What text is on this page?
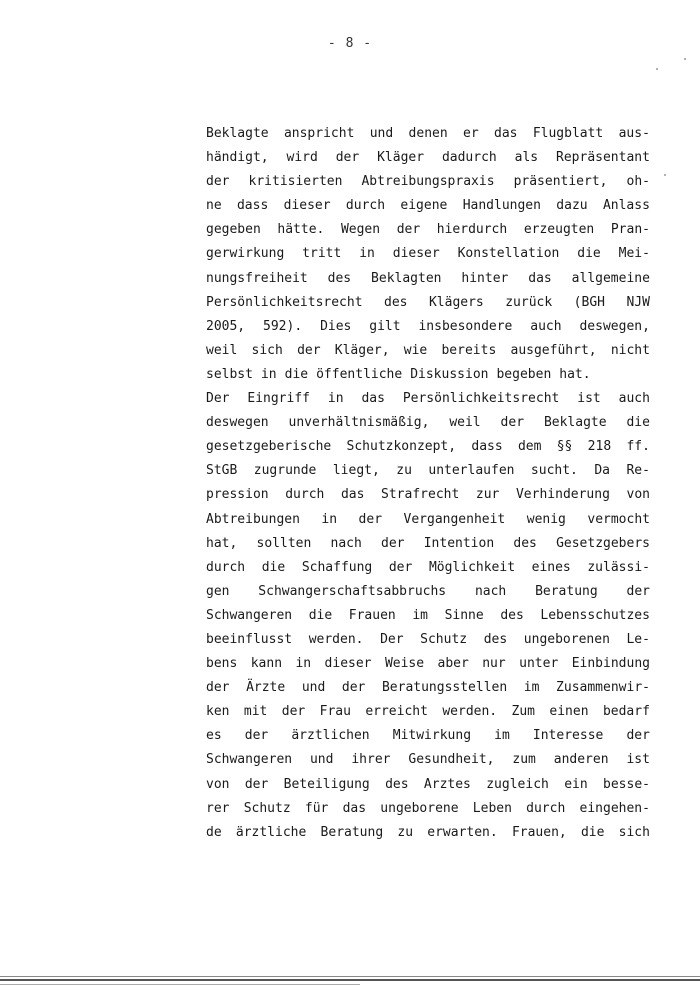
- 8 -
Beklagte anspricht und denen er das Flugblatt aus-
händigt, wird der Kläger dadurch als Repräsentant
der kritisierten Abtreibungspraxis präsentiert, oh-
ne dass dieser durch eigene Handlungen dazu Anlass
gegeben hätte. Wegen der hierdurch erzeugten Pran-
gerwirkung tritt in dieser Konstellation die Mei-
nungsfreiheit des Beklagten hinter das allgemeine
Persönlichkeitsrecht des Klägers zurück (BGH NJW
2005, 592). Dies gilt insbesondere auch deswegen,
weil sich der Kläger, wie bereits ausgeführt, nicht
selbst in die öffentliche Diskussion begeben hat.
Der Eingriff in das Persönlichkeitsrecht ist auch
deswegen unverhältnismäßig, weil der Beklagte die
gesetzgeberische Schutzkonzept, dass dem §§ 218 ff.
StGB zugrunde liegt, zu unterlaufen sucht. Da Re-
pression durch das Strafrecht zur Verhinderung von
Abtreibungen in der Vergangenheit wenig vermocht
hat, sollten nach der Intention des Gesetzgebers
durch die Schaffung der Möglichkeit eines zulässi-
gen Schwangerschaftsabbruchs nach Beratung der
Schwangeren die Frauen im Sinne des Lebensschutzes
beeinflusst werden. Der Schutz des ungeborenen Le-
bens kann in dieser Weise aber nur unter Einbindung
der Ärzte und der Beratungsstellen im Zusammenwir-
ken mit der Frau erreicht werden. Zum einen bedarf
es der ärztlichen Mitwirkung im Interesse der
Schwangeren und ihrer Gesundheit, zum anderen ist
von der Beteiligung des Arztes zugleich ein besse-
rer Schutz für das ungeborene Leben durch eingehen-
de ärztliche Beratung zu erwarten. Frauen, die sich
